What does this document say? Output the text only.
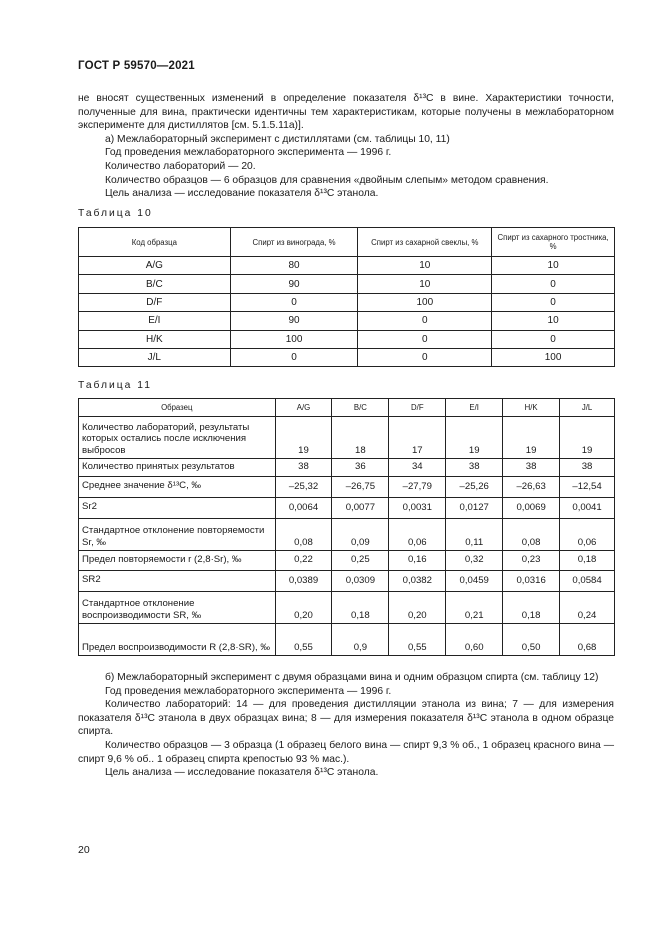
ГОСТ Р 59570—2021

не вносят существенных изменений в определение показателя δ¹³C в вине. Характеристики точности, полученные для вина, практически идентичны тем характеристикам, которые получены в межлабораторном эксперименте для дистиллятов [см. 5.1.5.11а)].

а) Межлабораторный эксперимент с дистиллятами (см. таблицы 10, 11)

Год проведения межлабораторного эксперимента — 1996 г.

Количество лабораторий — 20.

Количество образцов — 6 образцов для сравнения «двойным слепым» методом сравнения.

Цель анализа — исследование показателя δ¹³C этанола.

Таблица 10
Код образца	Спирт из винограда, %	Спирт из сахарной свеклы, %	Спирт из сахарного тростника, %
A/G	80	10	10
B/C	90	10	0
D/F	0	100	0
E/I	90	0	10
H/K	100	0	0
J/L	0	0	100
Таблица 11
Образец	A/G	B/C	D/F	E/I	H/K	J/L
Количество лабораторий, результаты которых остались после исключения выбросов	19	18	17	19	19	19
Количество принятых результатов	38	36	34	38	38	38
Среднее значение δ¹³C, ‰	–25,32	–26,75	–27,79	–25,26	–26,63	–12,54
Sr2	0,0064	0,0077	0,0031	0,0127	0,0069	0,0041
Стандартное отклонение повторяемости Sr, ‰	0,08	0,09	0,06	0,11	0,08	0,06
Предел повторяемости r (2,8·Sr), ‰	0,22	0,25	0,16	0,32	0,23	0,18
SR2	0,0389	0,0309	0,0382	0,0459	0,0316	0,0584
Стандартное отклонение воспроизводимости SR, ‰	0,20	0,18	0,20	0,21	0,18	0,24
Предел воспроизводимости R (2,8·SR), ‰	0,55	0,9	0,55	0,60	0,50	0,68

б) Межлабораторный эксперимент с двумя образцами вина и одним образцом спирта (см. таблицу 12)

Год проведения межлабораторного эксперимента — 1996 г.

Количество лабораторий: 14 — для проведения дистилляции этанола из вина; 7 — для измерения показателя δ¹³C этанола в двух образцах вина; 8 — для измерения показателя δ¹³C этанола в одном образце спирта.

Количество образцов — 3 образца (1 образец белого вина — спирт 9,3 % об., 1 образец красного вина — спирт 9,6 % об.. 1 образец спирта крепостью 93 % мас.).

Цель анализа — исследование показателя δ¹³C этанола.

20
